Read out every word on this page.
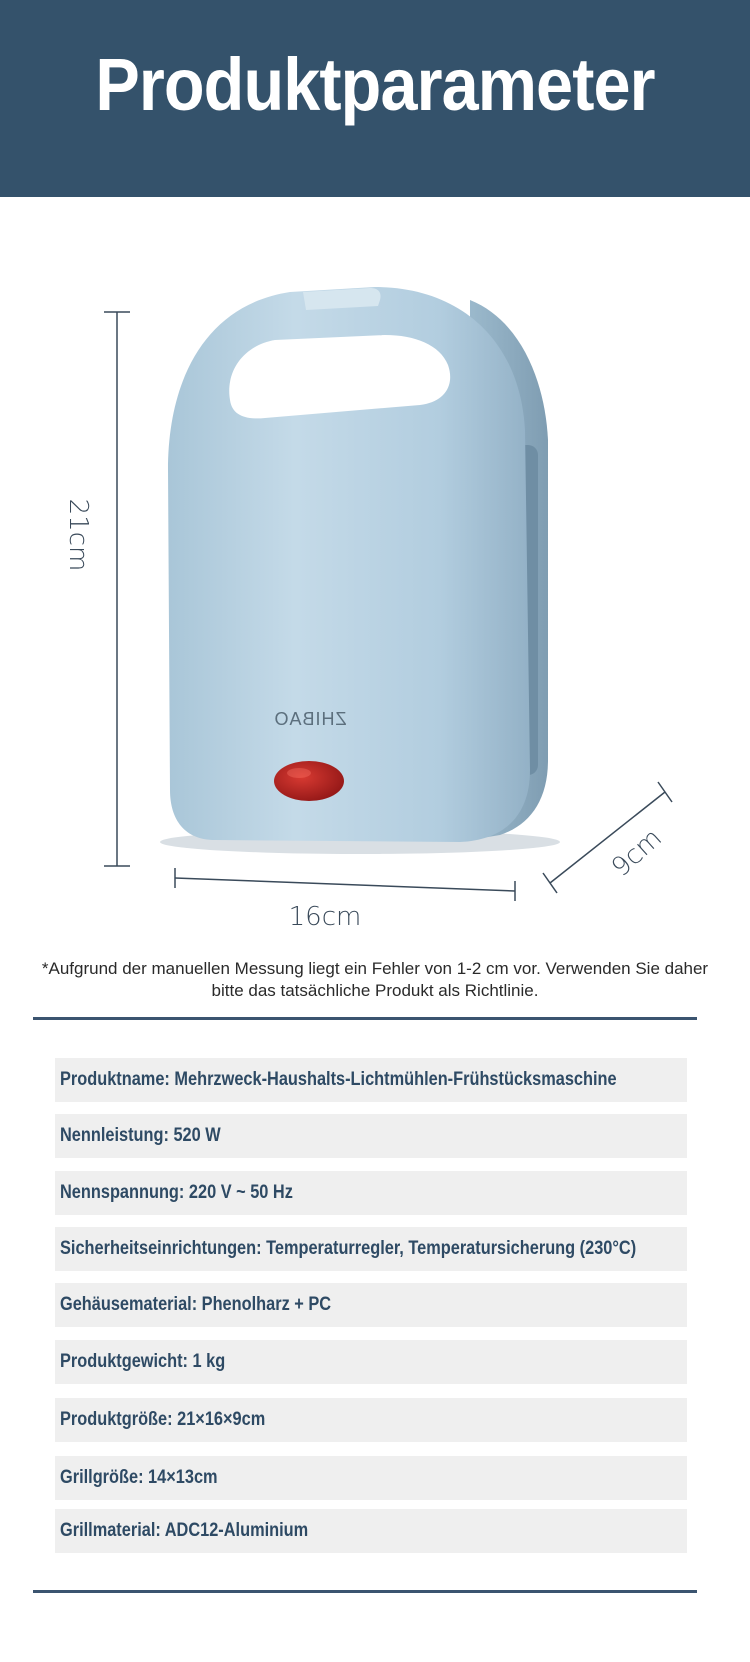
Produktparameter
ZHIBAO
21cm
16cm
9cm
*Aufgrund der manuellen Messung liegt ein Fehler von 1-2 cm vor. Verwenden Sie daher bitte das tatsächliche Produkt als Richtlinie.
Produktname: Mehrzweck-Haushalts-Lichtmühlen-Frühstücksmaschine
Nennleistung: 520 W
Nennspannung: 220 V ~ 50 Hz
Sicherheitseinrichtungen: Temperaturregler, Temperatursicherung (230°C)
Gehäusematerial: Phenolharz + PC
Produktgewicht: 1 kg
Produktgröße: 21×16×9cm
Grillgröße: 14×13cm
Grillmaterial: ADC12-Aluminium
